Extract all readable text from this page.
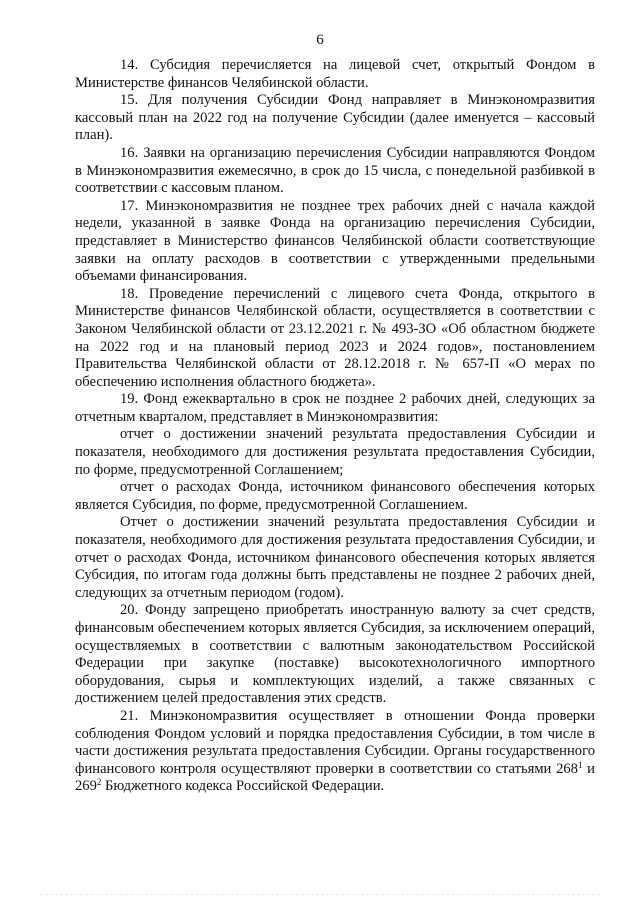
6

14. Субсидия перечисляется на лицевой счет, открытый Фондом в Министерстве финансов Челябинской области.

15. Для получения Субсидии Фонд направляет в Минэкономразвития кассовый план на 2022 год на получение Субсидии (далее именуется – кассовый план).

16. Заявки на организацию перечисления Субсидии направляются Фондом в Минэкономразвития ежемесячно, в срок до 15 числа, с понедельной разбивкой в соответствии с кассовым планом.

17. Минэкономразвития не позднее трех рабочих дней с начала каждой недели, указанной в заявке Фонда на организацию перечисления Субсидии, представляет в Министерство финансов Челябинской области соответствующие заявки на оплату расходов в соответствии с утвержденными предельными объемами финансирования.

18. Проведение перечислений с лицевого счета Фонда, открытого в Министерстве финансов Челябинской области, осуществляется в соответствии с Законом Челябинской области от 23.12.2021 г. № 493-ЗО «Об областном бюджете на 2022 год и на плановый период 2023 и 2024 годов», постановлением Правительства Челябинской области от 28.12.2018 г. № 657-П «О мерах по обеспечению исполнения областного бюджета».

19. Фонд ежеквартально в срок не позднее 2 рабочих дней, следующих за отчетным кварталом, представляет в Минэкономразвития:

отчет о достижении значений результата предоставления Субсидии и показателя, необходимого для достижения результата предоставления Субсидии, по форме, предусмотренной Соглашением;

отчет о расходах Фонда, источником финансового обеспечения которых является Субсидия, по форме, предусмотренной Соглашением.

Отчет о достижении значений результата предоставления Субсидии и показателя, необходимого для достижения результата предоставления Субсидии, и отчет о расходах Фонда, источником финансового обеспечения которых является Субсидия, по итогам года должны быть представлены не позднее 2 рабочих дней, следующих за отчетным периодом (годом).

20. Фонду запрещено приобретать иностранную валюту за счет средств, финансовым обеспечением которых является Субсидия, за исключением операций, осуществляемых в соответствии с валютным законодательством Российской Федерации при закупке (поставке) высокотехнологичного импортного оборудования, сырья и комплектующих изделий, а также связанных с достижением целей предоставления этих средств.

21. Минэкономразвития осуществляет в отношении Фонда проверки соблюдения Фондом условий и порядка предоставления Субсидии, в том числе в части достижения результата предоставления Субсидии. Органы государственного финансового контроля осуществляют проверки в соответствии со статьями $268^1$ и $269^2$ Бюджетного кодекса Российской Федерации.
